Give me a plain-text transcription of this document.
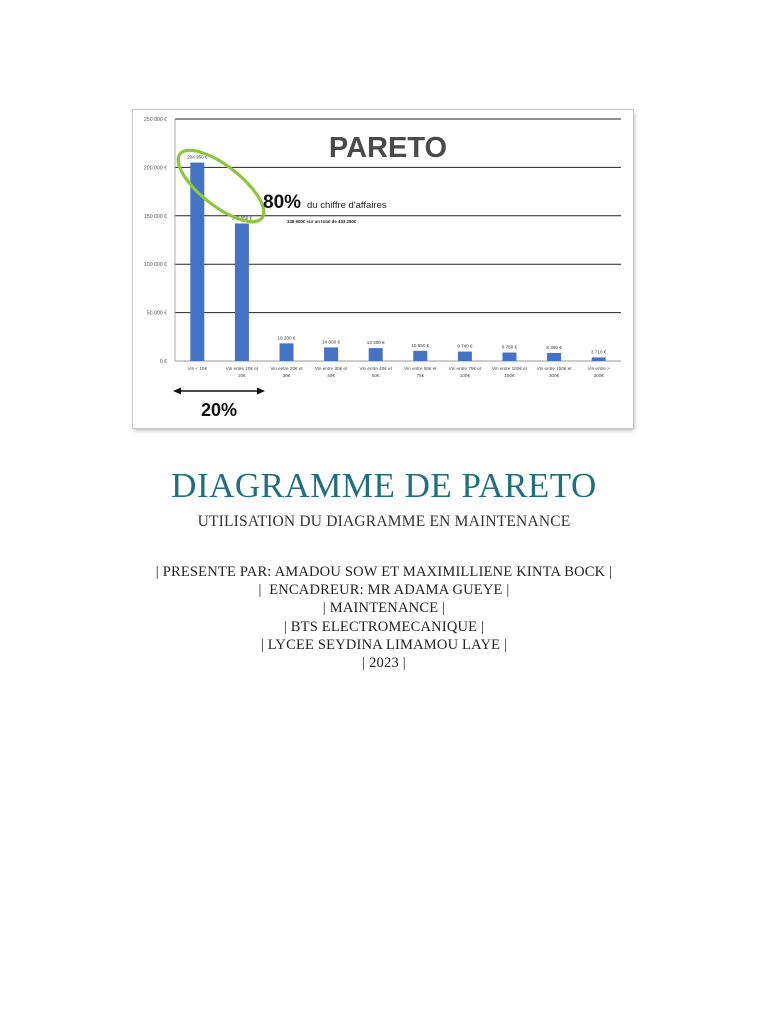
0 €
50 000 €
100 000 €
150 000 €
200 000 €
250 000 €
204 950 €
Vin < 10€
142 050 €
Vin entre 10€ et 20€
18 200 €
Vin entre 20€ et 30€
14 050 €
Vin entre 30€ et 40€
13 300 €
Vin entre 40€ et 50€
10 550 €
Vin entre 50€ et 75€
9 740 €
Vin entre 75€ et 100€
8 750 €
Vin entre 100€ et 150€
8 300 €
Vin entre 150€ et 300€
3 710 €
Vin entre > 300€
PARETO
80% du chiffre d'affaires
346 600€ sur un total de 433 250€
20%
DIAGRAMME DE PARETO
UTILISATION DU DIAGRAMME EN MAINTENANCE
| PRESENTE PAR: AMADOU SOW ET MAXIMILLIENE KINTA BOCK |
|  ENCADREUR: MR ADAMA GUEYE |
| MAINTENANCE |
| BTS ELECTROMECANIQUE |
| LYCEE SEYDINA LIMAMOU LAYE |
| 2023 |
